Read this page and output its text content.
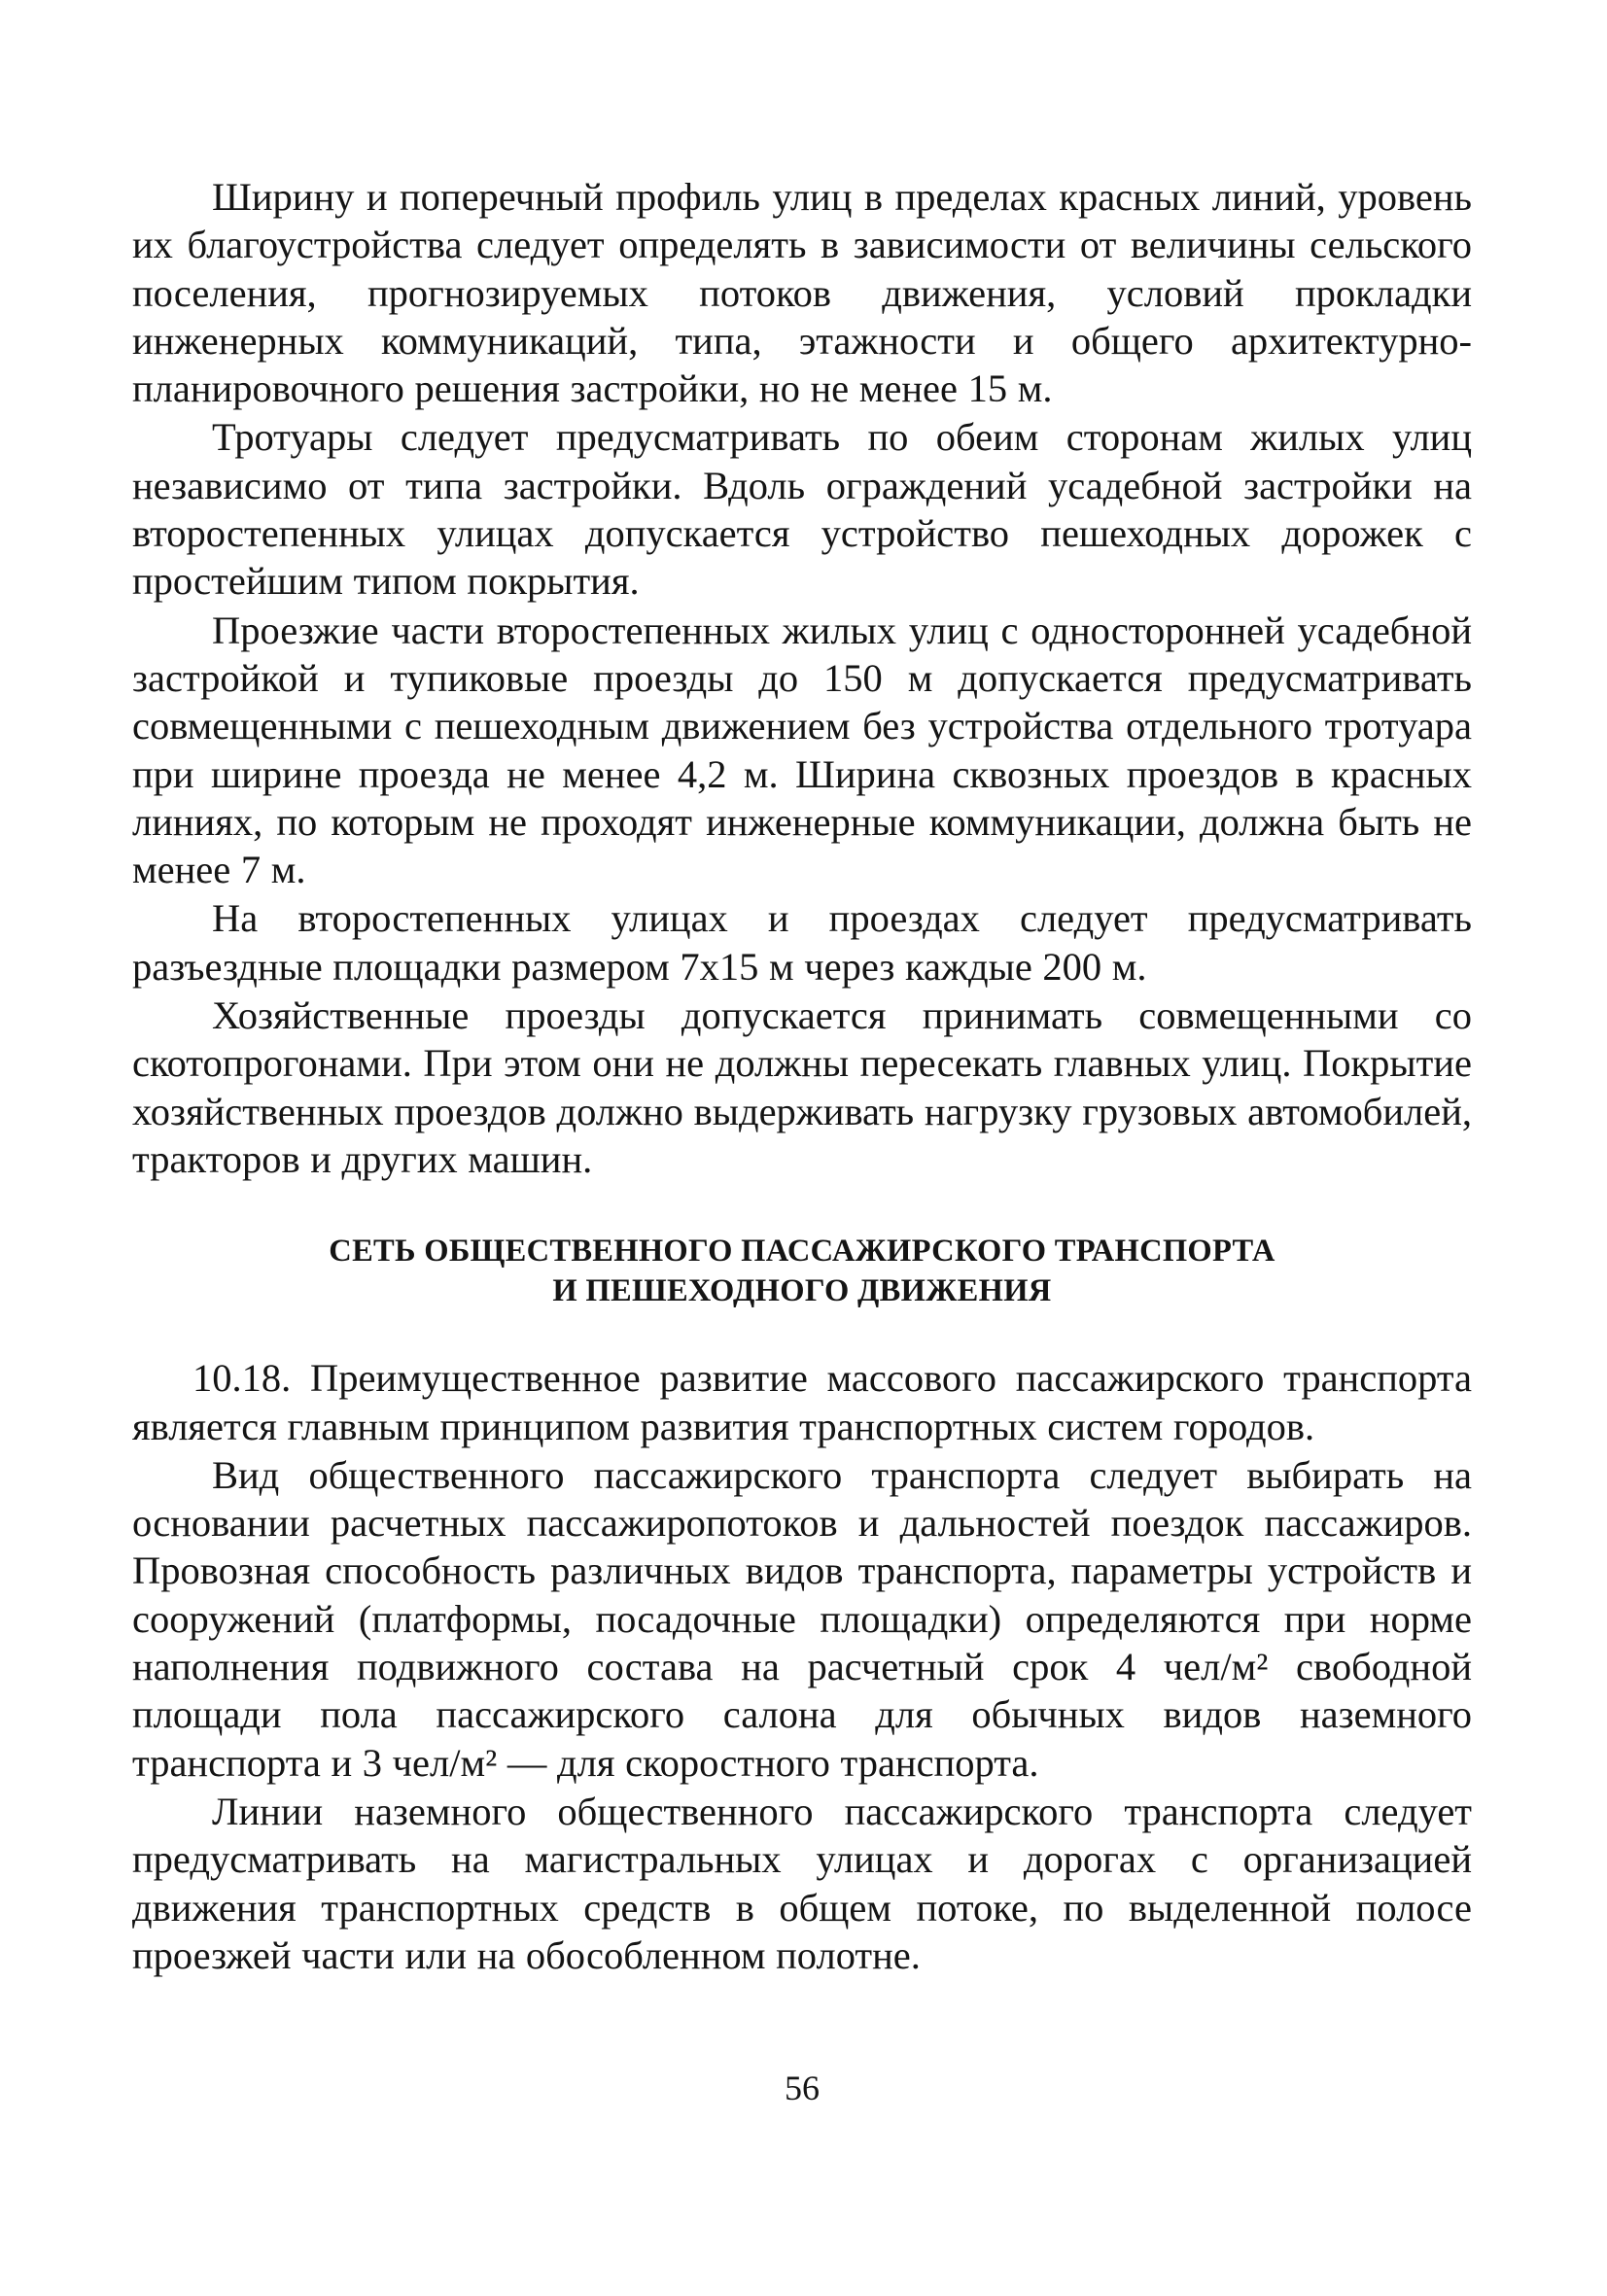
Ширину и поперечный профиль улиц в пределах красных линий, уровень их благоустройства следует определять в зависимости от величины сельского поселения, прогнозируемых потоков движения, условий прокладки инженерных коммуникаций, типа, этажности и общего архитектурно-планировочного решения застройки, но не менее 15 м.

Тротуары следует предусматривать по обеим сторонам жилых улиц независимо от типа застройки. Вдоль ограждений усадебной застройки на второстепенных улицах допускается устройство пешеходных дорожек с простейшим типом покрытия.

Проезжие части второстепенных жилых улиц с односторонней усадебной застройкой и тупиковые проезды до 150 м допускается предусматривать совмещенными с пешеходным движением без устройства отдельного тротуара при ширине проезда не менее 4,2 м. Ширина сквозных проездов в красных линиях, по которым не проходят инженерные коммуникации, должна быть не менее 7 м.

На второстепенных улицах и проездах следует предусматривать разъездные площадки размером 7x15 м через каждые 200 м.

Хозяйственные проезды допускается принимать совмещенными со скотопрогонами. При этом они не должны пересекать главных улиц. Покрытие хозяйственных проездов должно выдерживать нагрузку грузовых автомобилей, тракторов и других машин.

СЕТЬ ОБЩЕСТВЕННОГО ПАССАЖИРСКОГО ТРАНСПОРТА
И ПЕШЕХОДНОГО ДВИЖЕНИЯ

10.18. Преимущественное развитие массового пассажирского транспорта является главным принципом развития транспортных систем городов.

Вид общественного пассажирского транспорта следует выбирать на основании расчетных пассажиропотоков и дальностей поездок пассажиров. Провозная способность различных видов транспорта, параметры устройств и сооружений (платформы, посадочные площадки) определяются при норме наполнения подвижного состава на расчетный срок 4 чел/м² свободной площади пола пассажирского салона для обычных видов наземного транспорта и 3 чел/м² — для скоростного транспорта.

Линии наземного общественного пассажирского транспорта следует предусматривать на магистральных улицах и дорогах с организацией движения транспортных средств в общем потоке, по выделенной полосе проезжей части или на обособленном полотне.

56
